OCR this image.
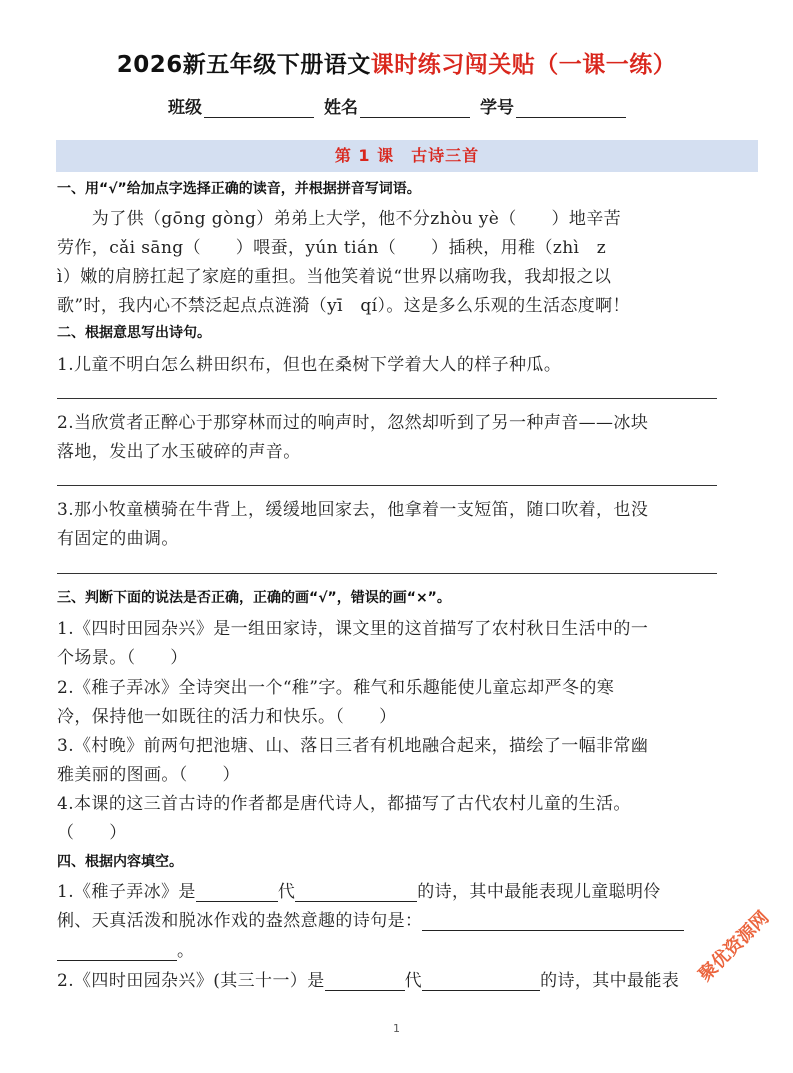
2026新五年级下册语文课时练习闯关贴（一课一练）
班级	姓名	学号
第 1 课　古诗三首
一、用“√”给加点字选择正确的读音，并根据拼音写词语。
　　为了供（gōng gòng）弟弟上大学，他不分zhòu yè（　　）地辛苦
劳作，cǎi sāng（　　）喂蚕，yún tián（　　）插秧，用稚（zhì　z
ì）嫩的肩膀扛起了家庭的重担。当他笑着说“世界以痛吻我，我却报之以
歌”时，我内心不禁泛起点点涟漪（yī　qí）。这是多么乐观的生活态度啊！
二、根据意思写出诗句。
1.儿童不明白怎么耕田织布，但也在桑树下学着大人的样子种瓜。
2.当欣赏者正醉心于那穿林而过的响声时，忽然却听到了另一种声音——冰块
落地，发出了水玉破碎的声音。
3.那小牧童横骑在牛背上，缓缓地回家去，他拿着一支短笛，随口吹着，也没
有固定的曲调。
三、判断下面的说法是否正确，正确的画“√”，错误的画“×”。
1.《四时田园杂兴》是一组田家诗，课文里的这首描写了农村秋日生活中的一
个场景。（　　）
2.《稚子弄冰》全诗突出一个“稚”字。稚气和乐趣能使儿童忘却严冬的寒
冷，保持他一如既往的活力和快乐。（　　）
3.《村晚》前两句把池塘、山、落日三者有机地融合起来，描绘了一幅非常幽
雅美丽的图画。（　　）
4.本课的这三首古诗的作者都是唐代诗人，都描写了古代农村儿童的生活。
（　　）
四、根据内容填空。
1.《稚子弄冰》是	代	的诗，其中最能表现儿童聪明伶
俐、天真活泼和脱冰作戏的盎然意趣的诗句是：
。
2.《四时田园杂兴》(其三十一）是	代	的诗，其中最能表 聚优资源网
1
